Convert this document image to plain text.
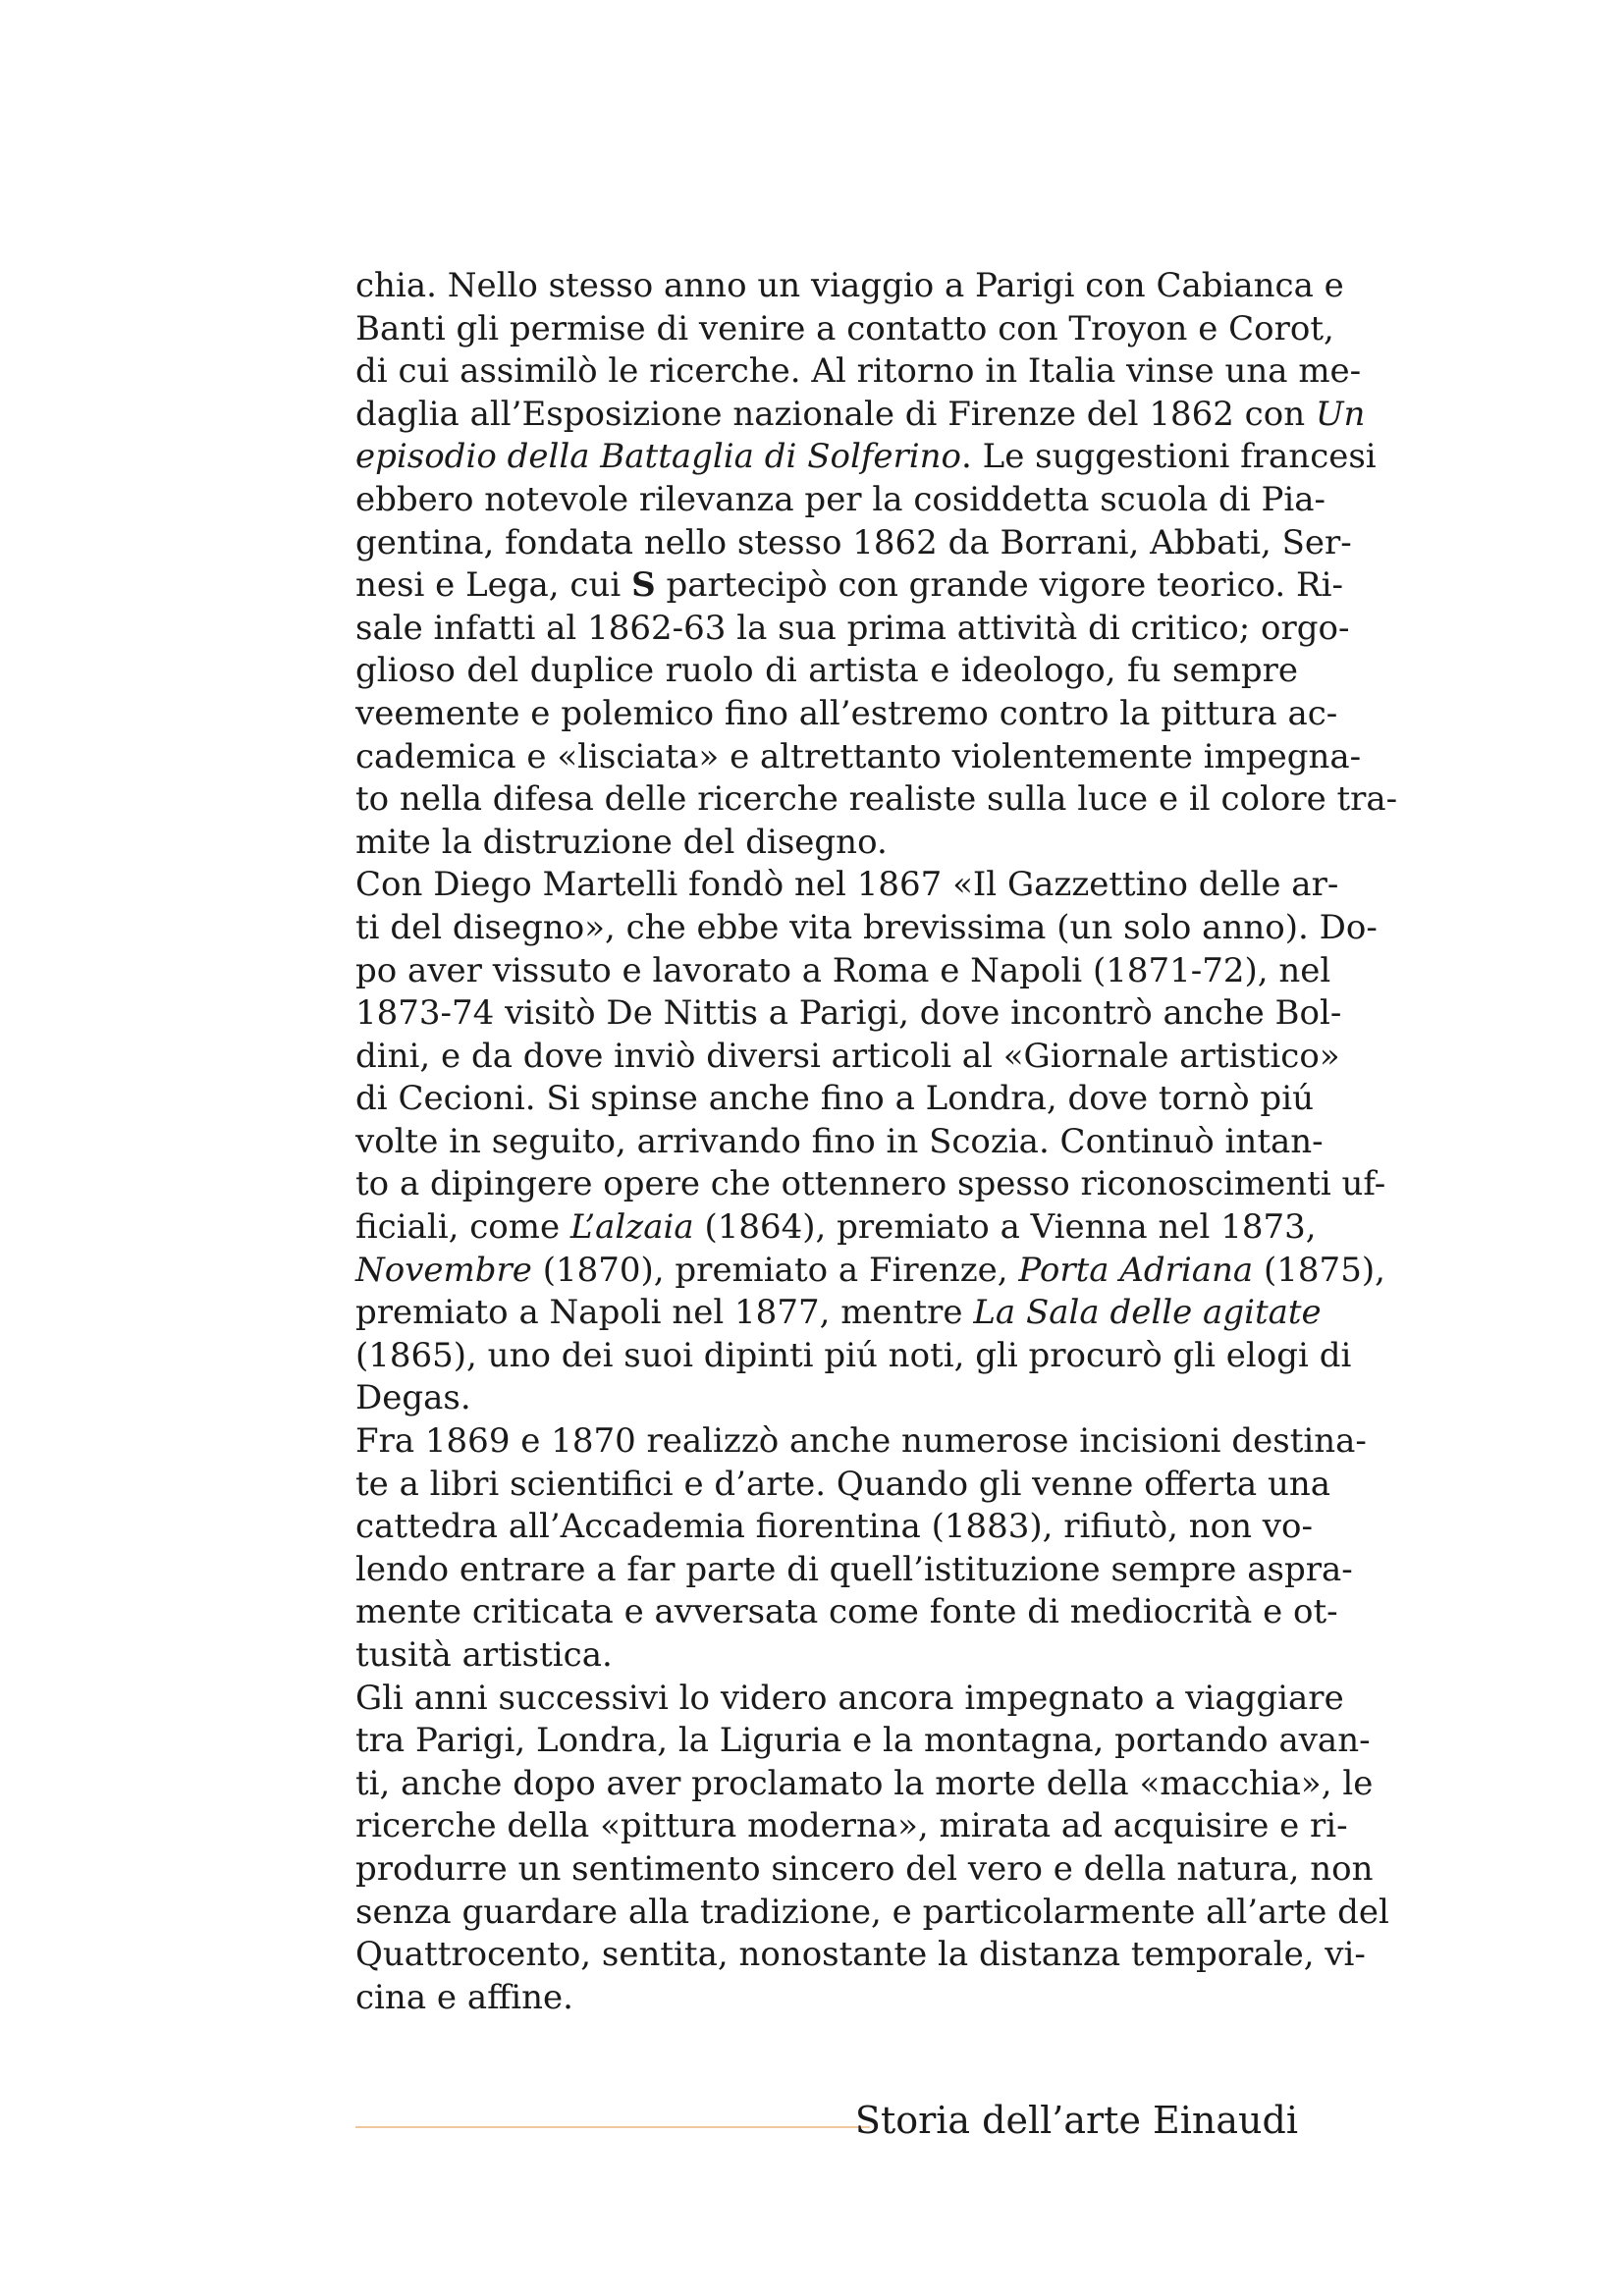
chia. Nello stesso anno un viaggio a Parigi con Cabianca e
Banti gli permise di venire a contatto con Troyon e Corot,
di cui assimilò le ricerche. Al ritorno in Italia vinse una me-
daglia all’Esposizione nazionale di Firenze del 1862 con Un
episodio della Battaglia di Solferino. Le suggestioni francesi
ebbero notevole rilevanza per la cosiddetta scuola di Pia-
gentina, fondata nello stesso 1862 da Borrani, Abbati, Ser-
nesi e Lega, cui S partecipò con grande vigore teorico. Ri-
sale infatti al 1862-63 la sua prima attività di critico; orgo-
glioso del duplice ruolo di artista e ideologo, fu sempre
veemente e polemico fino all’estremo contro la pittura ac-
cademica e «lisciata» e altrettanto violentemente impegna-
to nella difesa delle ricerche realiste sulla luce e il colore tra-
mite la distruzione del disegno.
Con Diego Martelli fondò nel 1867 «Il Gazzettino delle ar-
ti del disegno», che ebbe vita brevissima (un solo anno). Do-
po aver vissuto e lavorato a Roma e Napoli (1871-72), nel
1873-74 visitò De Nittis a Parigi, dove incontrò anche Bol-
dini, e da dove inviò diversi articoli al «Giornale artistico»
di Cecioni. Si spinse anche fino a Londra, dove tornò piú
volte in seguito, arrivando fino in Scozia. Continuò intan-
to a dipingere opere che ottennero spesso riconoscimenti uf-
ficiali, come L’alzaia (1864), premiato a Vienna nel 1873,
Novembre (1870), premiato a Firenze, Porta Adriana (1875),
premiato a Napoli nel 1877, mentre La Sala delle agitate
(1865), uno dei suoi dipinti piú noti, gli procurò gli elogi di
Degas.
Fra 1869 e 1870 realizzò anche numerose incisioni destina-
te a libri scientifici e d’arte. Quando gli venne offerta una
cattedra all’Accademia fiorentina (1883), rifiutò, non vo-
lendo entrare a far parte di quell’istituzione sempre aspra-
mente criticata e avversata come fonte di mediocrità e ot-
tusità artistica.
Gli anni successivi lo videro ancora impegnato a viaggiare
tra Parigi, Londra, la Liguria e la montagna, portando avan-
ti, anche dopo aver proclamato la morte della «macchia», le
ricerche della «pittura moderna», mirata ad acquisire e ri-
produrre un sentimento sincero del vero e della natura, non
senza guardare alla tradizione, e particolarmente all’arte del
Quattrocento, sentita, nonostante la distanza temporale, vi-
cina e affine.
Storia dell’arte Einaudi
